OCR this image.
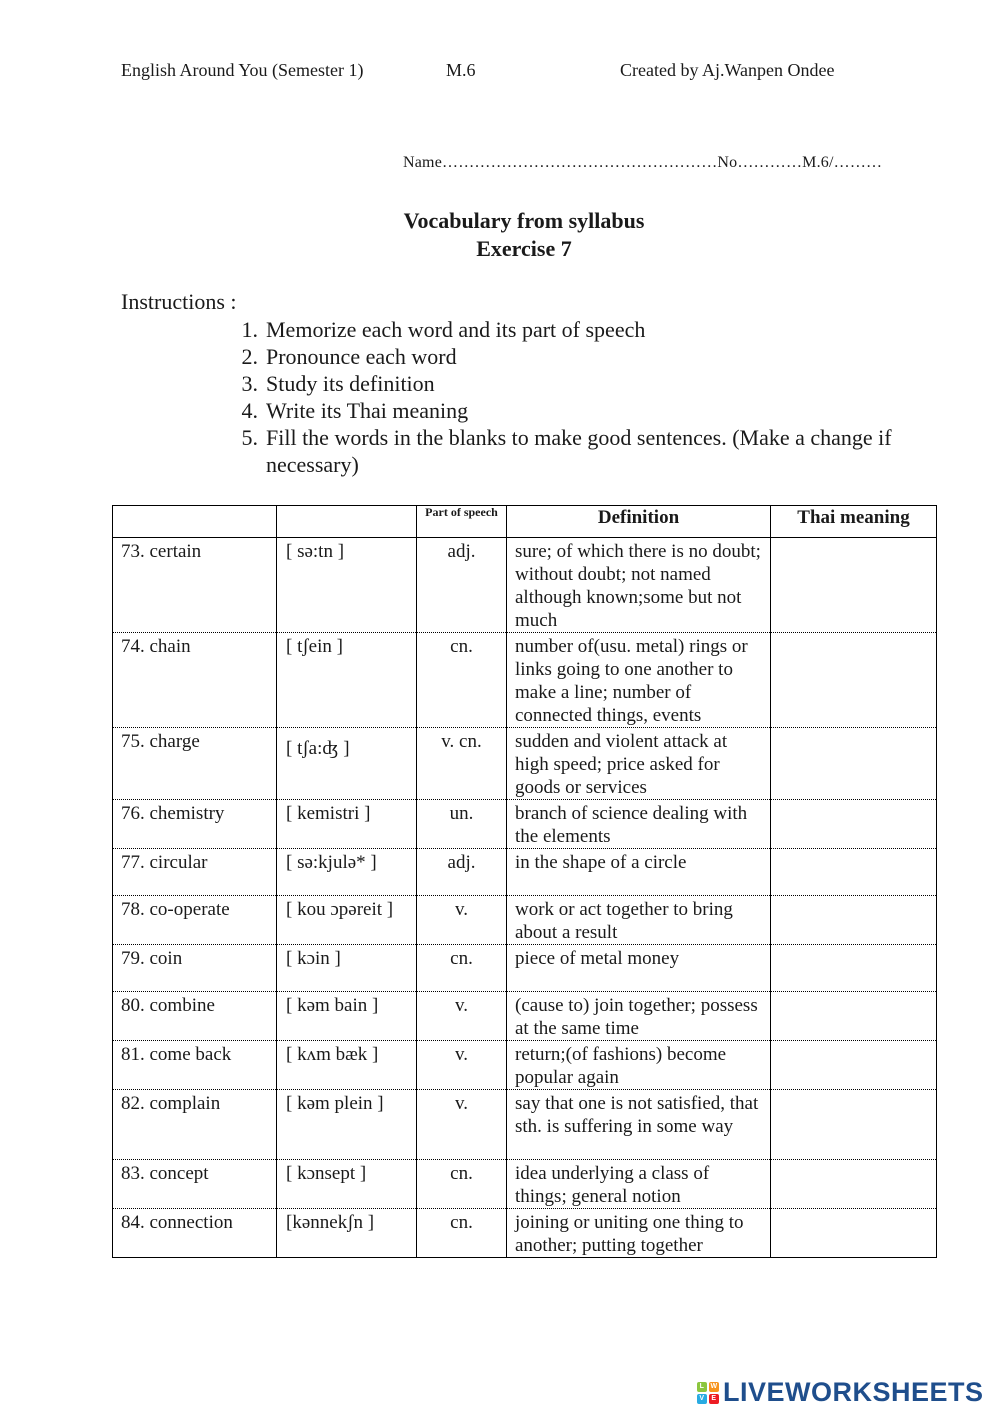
English Around You (Semester 1)	M.6	Created by Aj.Wanpen Ondee
Name……………………………………………No…………M.6/………
Vocabulary from syllabus
Exercise 7
Instructions :
1. Memorize each word and its part of speech
2. Pronounce each word
3. Study its definition
4. Write its Thai meaning
5. Fill the words in the blanks to make good sentences. (Make a change if necessary)
		Part of speech	Definition	Thai meaning
73. certain	[ sə:tn ]	adj.	sure; of which there is no doubt; without doubt; not named although known;some but not much	
74. chain	[ tʃein ]	cn.	number of(usu. metal) rings or links going to one another to make a line; number of connected things, events	
75. charge	[ tʃa:ʤ ]	v. cn.	sudden and violent attack at high speed; price asked for goods or services	
76. chemistry	[ kemistri ]	un.	branch of science dealing with the elements	
77. circular	[ sə:kjulə* ]	adj.	in the shape of a circle	
78. co-operate	[ kou ɔpəreit ]	v.	work or act together to bring about a result	
79. coin	[ kɔin ]	cn.	piece of metal money	
80. combine	[ kəm bain ]	v.	(cause to) join together; possess at the same time	
81. come back	[ kʌm bæk ]	v.	return;(of fashions) become popular again	
82. complain	[ kəm plein ]	v.	say that one is not satisfied, that sth. is suffering in some way	
83. concept	[ kɔnsept ]	cn.	idea underlying a class of things; general notion	
84. connection	[kənnekʃn ]	cn.	joining or uniting one thing to another; putting together	
L W
V E LIVEWORKSHEETS
